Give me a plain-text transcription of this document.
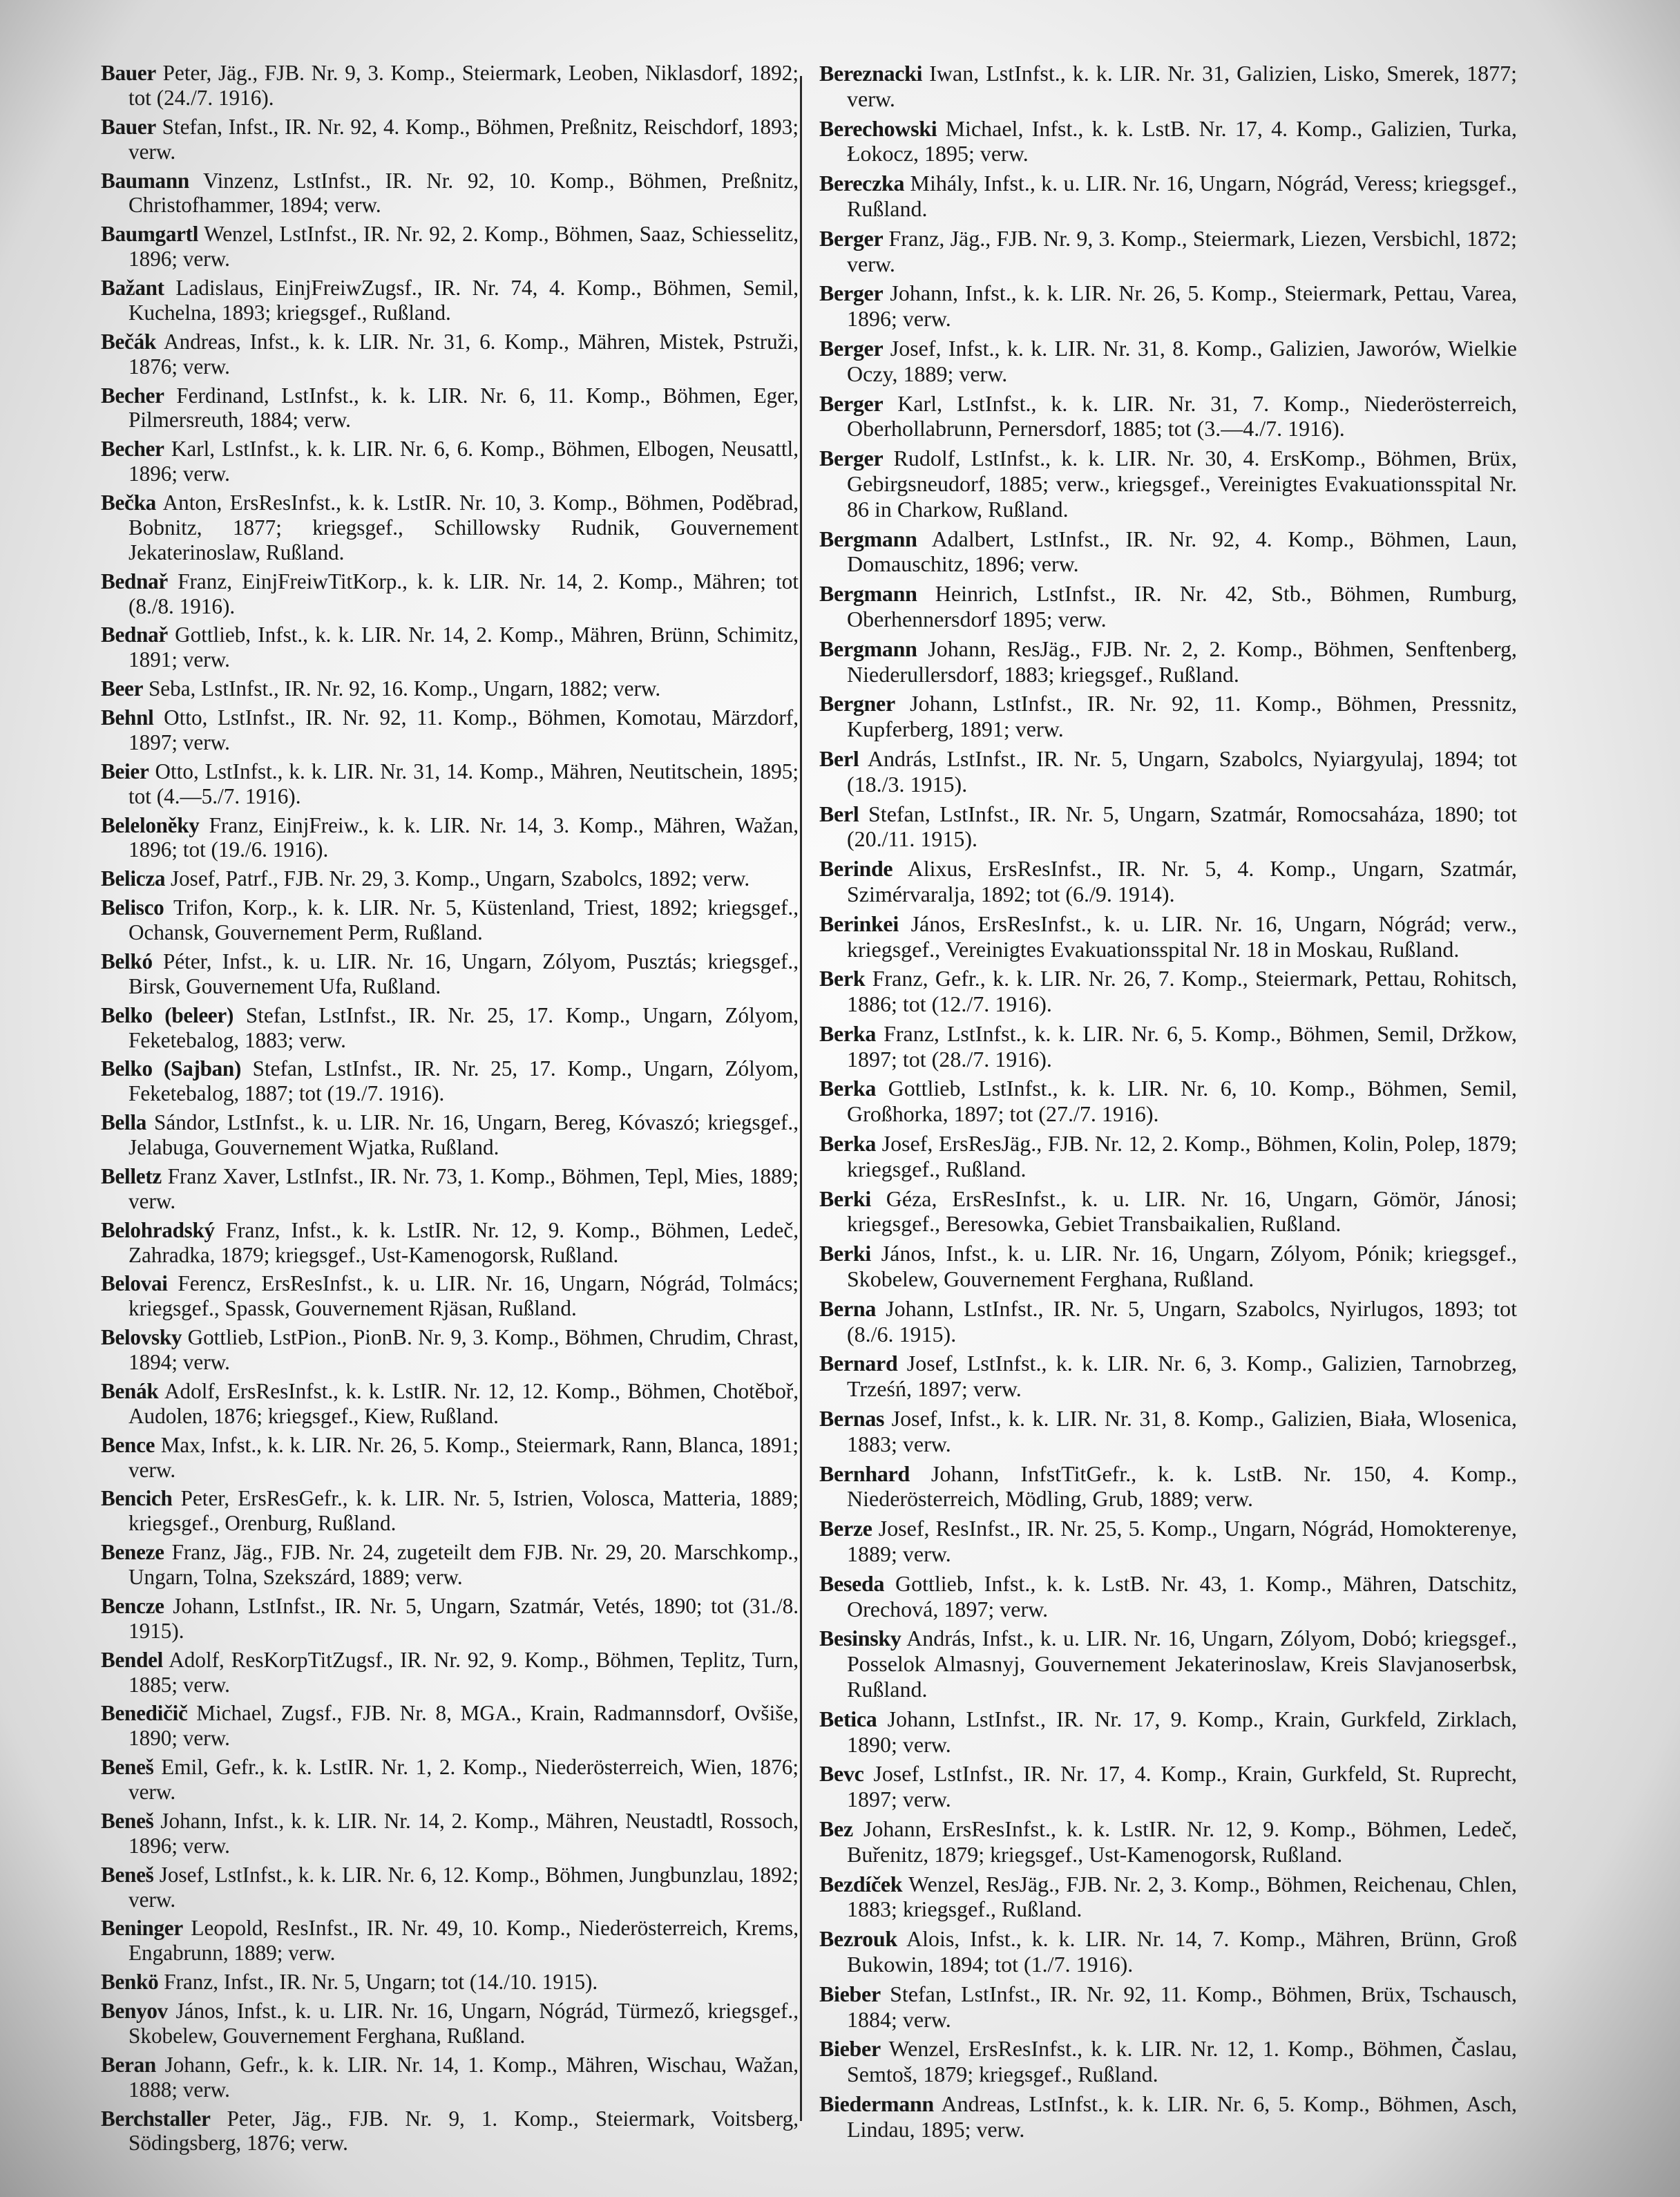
Bauer Peter, Jäg., FJB. Nr. 9, 3. Komp., Steiermark, Leoben, Niklasdorf, 1892; tot (24./7. 1916).

Bauer Stefan, Infst., IR. Nr. 92, 4. Komp., Böhmen, Preßnitz, Reischdorf, 1893; verw.

Baumann Vinzenz, LstInfst., IR. Nr. 92, 10. Komp., Böhmen, Preßnitz, Christofhammer, 1894; verw.

Baumgartl Wenzel, LstInfst., IR. Nr. 92, 2. Komp., Böhmen, Saaz, Schiesselitz, 1896; verw.

Bažant Ladislaus, EinjFreiwZugsf., IR. Nr. 74, 4. Komp., Böhmen, Semil, Kuchelna, 1893; kriegsgef., Rußland.

Bečák Andreas, Infst., k. k. LIR. Nr. 31, 6. Komp., Mähren, Mistek, Pstruži, 1876; verw.

Becher Ferdinand, LstInfst., k. k. LIR. Nr. 6, 11. Komp., Böhmen, Eger, Pilmersreuth, 1884; verw.

Becher Karl, LstInfst., k. k. LIR. Nr. 6, 6. Komp., Böhmen, Elbogen, Neusattl, 1896; verw.

Bečka Anton, ErsResInfst., k. k. LstIR. Nr. 10, 3. Komp., Böhmen, Poděbrad, Bobnitz, 1877; kriegsgef., Schillowsky Rudnik, Gouvernement Jekaterinoslaw, Rußland.

Bednař Franz, EinjFreiwTitKorp., k. k. LIR. Nr. 14, 2. Komp., Mähren; tot (8./8. 1916).

Bednař Gottlieb, Infst., k. k. LIR. Nr. 14, 2. Komp., Mähren, Brünn, Schimitz, 1891; verw.

Beer Seba, LstInfst., IR. Nr. 92, 16. Komp., Ungarn, 1882; verw.

Behnl Otto, LstInfst., IR. Nr. 92, 11. Komp., Böhmen, Komotau, Märzdorf, 1897; verw.

Beier Otto, LstInfst., k. k. LIR. Nr. 31, 14. Komp., Mähren, Neutitschein, 1895; tot (4.—5./7. 1916).

Beleloněky Franz, EinjFreiw., k. k. LIR. Nr. 14, 3. Komp., Mähren, Wažan, 1896; tot (19./6. 1916).

Belicza Josef, Patrf., FJB. Nr. 29, 3. Komp., Ungarn, Szabolcs, 1892; verw.

Belisco Trifon, Korp., k. k. LIR. Nr. 5, Küstenland, Triest, 1892; kriegsgef., Ochansk, Gouvernement Perm, Rußland.

Belkó Péter, Infst., k. u. LIR. Nr. 16, Ungarn, Zólyom, Pusztás; kriegsgef., Birsk, Gouvernement Ufa, Rußland.

Belko (beleer) Stefan, LstInfst., IR. Nr. 25, 17. Komp., Ungarn, Zólyom, Feketebalog, 1883; verw.

Belko (Sajban) Stefan, LstInfst., IR. Nr. 25, 17. Komp., Ungarn, Zólyom, Feketebalog, 1887; tot (19./7. 1916).

Bella Sándor, LstInfst., k. u. LIR. Nr. 16, Ungarn, Bereg, Kóvaszó; kriegsgef., Jelabuga, Gouvernement Wjatka, Rußland.

Belletz Franz Xaver, LstInfst., IR. Nr. 73, 1. Komp., Böhmen, Tepl, Mies, 1889; verw.

Belohradský Franz, Infst., k. k. LstIR. Nr. 12, 9. Komp., Böhmen, Ledeč, Zahradka, 1879; kriegsgef., Ust-Kamenogorsk, Rußland.

Belovai Ferencz, ErsResInfst., k. u. LIR. Nr. 16, Ungarn, Nógrád, Tolmács; kriegsgef., Spassk, Gouvernement Rjäsan, Rußland.

Belovsky Gottlieb, LstPion., PionB. Nr. 9, 3. Komp., Böhmen, Chrudim, Chrast, 1894; verw.

Benák Adolf, ErsResInfst., k. k. LstIR. Nr. 12, 12. Komp., Böhmen, Chotěboř, Audolen, 1876; kriegsgef., Kiew, Rußland.

Bence Max, Infst., k. k. LIR. Nr. 26, 5. Komp., Steiermark, Rann, Blanca, 1891; verw.

Bencich Peter, ErsResGefr., k. k. LIR. Nr. 5, Istrien, Volosca, Matteria, 1889; kriegsgef., Orenburg, Rußland.

Beneze Franz, Jäg., FJB. Nr. 24, zugeteilt dem FJB. Nr. 29, 20. Marschkomp., Ungarn, Tolna, Szekszárd, 1889; verw.

Bencze Johann, LstInfst., IR. Nr. 5, Ungarn, Szatmár, Vetés, 1890; tot (31./8. 1915).

Bendel Adolf, ResKorpTitZugsf., IR. Nr. 92, 9. Komp., Böhmen, Teplitz, Turn, 1885; verw.

Benedičič Michael, Zugsf., FJB. Nr. 8, MGA., Krain, Radmannsdorf, Ovšiše, 1890; verw.

Beneš Emil, Gefr., k. k. LstIR. Nr. 1, 2. Komp., Niederösterreich, Wien, 1876; verw.

Beneš Johann, Infst., k. k. LIR. Nr. 14, 2. Komp., Mähren, Neustadtl, Rossoch, 1896; verw.

Beneš Josef, LstInfst., k. k. LIR. Nr. 6, 12. Komp., Böhmen, Jungbunzlau, 1892; verw.

Beninger Leopold, ResInfst., IR. Nr. 49, 10. Komp., Niederösterreich, Krems, Engabrunn, 1889; verw.

Benkö Franz, Infst., IR. Nr. 5, Ungarn; tot (14./10. 1915).

Benyov János, Infst., k. u. LIR. Nr. 16, Ungarn, Nógrád, Türmező, kriegsgef., Skobelew, Gouvernement Ferghana, Rußland.

Beran Johann, Gefr., k. k. LIR. Nr. 14, 1. Komp., Mähren, Wischau, Wažan, 1888; verw.

Berchstaller Peter, Jäg., FJB. Nr. 9, 1. Komp., Steiermark, Voitsberg, Södingsberg, 1876; verw.

Bereznacki Iwan, LstInfst., k. k. LIR. Nr. 31, Galizien, Lisko, Smerek, 1877; verw.

Berechowski Michael, Infst., k. k. LstB. Nr. 17, 4. Komp., Galizien, Turka, Łokocz, 1895; verw.

Bereczka Mihály, Infst., k. u. LIR. Nr. 16, Ungarn, Nógrád, Veress; kriegsgef., Rußland.

Berger Franz, Jäg., FJB. Nr. 9, 3. Komp., Steiermark, Liezen, Versbichl, 1872; verw.

Berger Johann, Infst., k. k. LIR. Nr. 26, 5. Komp., Steiermark, Pettau, Varea, 1896; verw.

Berger Josef, Infst., k. k. LIR. Nr. 31, 8. Komp., Galizien, Jaworów, Wielkie Oczy, 1889; verw.

Berger Karl, LstInfst., k. k. LIR. Nr. 31, 7. Komp., Niederösterreich, Oberhollabrunn, Pernersdorf, 1885; tot (3.—4./7. 1916).

Berger Rudolf, LstInfst., k. k. LIR. Nr. 30, 4. ErsKomp., Böhmen, Brüx, Gebirgsneudorf, 1885; verw., kriegsgef., Vereinigtes Evakuationsspital Nr. 86 in Charkow, Rußland.

Bergmann Adalbert, LstInfst., IR. Nr. 92, 4. Komp., Böhmen, Laun, Domauschitz, 1896; verw.

Bergmann Heinrich, LstInfst., IR. Nr. 42, Stb., Böhmen, Rumburg, Oberhennersdorf 1895; verw.

Bergmann Johann, ResJäg., FJB. Nr. 2, 2. Komp., Böhmen, Senftenberg, Niederullersdorf, 1883; kriegsgef., Rußland.

Bergner Johann, LstInfst., IR. Nr. 92, 11. Komp., Böhmen, Pressnitz, Kupferberg, 1891; verw.

Berl András, LstInfst., IR. Nr. 5, Ungarn, Szabolcs, Nyiargyulaj, 1894; tot (18./3. 1915).

Berl Stefan, LstInfst., IR. Nr. 5, Ungarn, Szatmár, Romocsaháza, 1890; tot (20./11. 1915).

Berinde Alixus, ErsResInfst., IR. Nr. 5, 4. Komp., Ungarn, Szatmár, Szimérvaralja, 1892; tot (6./9. 1914).

Berinkei János, ErsResInfst., k. u. LIR. Nr. 16, Ungarn, Nógrád; verw., kriegsgef., Vereinigtes Evakuationsspital Nr. 18 in Moskau, Rußland.

Berk Franz, Gefr., k. k. LIR. Nr. 26, 7. Komp., Steiermark, Pettau, Rohitsch, 1886; tot (12./7. 1916).

Berka Franz, LstInfst., k. k. LIR. Nr. 6, 5. Komp., Böhmen, Semil, Držkow, 1897; tot (28./7. 1916).

Berka Gottlieb, LstInfst., k. k. LIR. Nr. 6, 10. Komp., Böhmen, Semil, Großhorka, 1897; tot (27./7. 1916).

Berka Josef, ErsResJäg., FJB. Nr. 12, 2. Komp., Böhmen, Kolin, Polep, 1879; kriegsgef., Rußland.

Berki Géza, ErsResInfst., k. u. LIR. Nr. 16, Ungarn, Gömör, Jánosi; kriegsgef., Beresowka, Gebiet Transbaikalien, Rußland.

Berki János, Infst., k. u. LIR. Nr. 16, Ungarn, Zólyom, Pónik; kriegsgef., Skobelew, Gouvernement Ferghana, Rußland.

Berna Johann, LstInfst., IR. Nr. 5, Ungarn, Szabolcs, Nyirlugos, 1893; tot (8./6. 1915).

Bernard Josef, LstInfst., k. k. LIR. Nr. 6, 3. Komp., Galizien, Tarnobrzeg, Trześń, 1897; verw.

Bernas Josef, Infst., k. k. LIR. Nr. 31, 8. Komp., Galizien, Biała, Wlosenica, 1883; verw.

Bernhard Johann, InfstTitGefr., k. k. LstB. Nr. 150, 4. Komp., Niederösterreich, Mödling, Grub, 1889; verw.

Berze Josef, ResInfst., IR. Nr. 25, 5. Komp., Ungarn, Nógrád, Homokterenye, 1889; verw.

Beseda Gottlieb, Infst., k. k. LstB. Nr. 43, 1. Komp., Mähren, Datschitz, Orechová, 1897; verw.

Besinsky András, Infst., k. u. LIR. Nr. 16, Ungarn, Zólyom, Dobó; kriegsgef., Posselok Almasnyj, Gouvernement Jekaterinoslaw, Kreis Slavjanoserbsk, Rußland.

Betica Johann, LstInfst., IR. Nr. 17, 9. Komp., Krain, Gurkfeld, Zirklach, 1890; verw.

Bevc Josef, LstInfst., IR. Nr. 17, 4. Komp., Krain, Gurkfeld, St. Ruprecht, 1897; verw.

Bez Johann, ErsResInfst., k. k. LstIR. Nr. 12, 9. Komp., Böhmen, Ledeč, Buřenitz, 1879; kriegsgef., Ust-Kamenogorsk, Rußland.

Bezdíček Wenzel, ResJäg., FJB. Nr. 2, 3. Komp., Böhmen, Reichenau, Chlen, 1883; kriegsgef., Rußland.

Bezrouk Alois, Infst., k. k. LIR. Nr. 14, 7. Komp., Mähren, Brünn, Groß Bukowin, 1894; tot (1./7. 1916).

Bieber Stefan, LstInfst., IR. Nr. 92, 11. Komp., Böhmen, Brüx, Tschausch, 1884; verw.

Bieber Wenzel, ErsResInfst., k. k. LIR. Nr. 12, 1. Komp., Böhmen, Časlau, Semtoš, 1879; kriegsgef., Rußland.

Biedermann Andreas, LstInfst., k. k. LIR. Nr. 6, 5. Komp., Böhmen, Asch, Lindau, 1895; verw.
